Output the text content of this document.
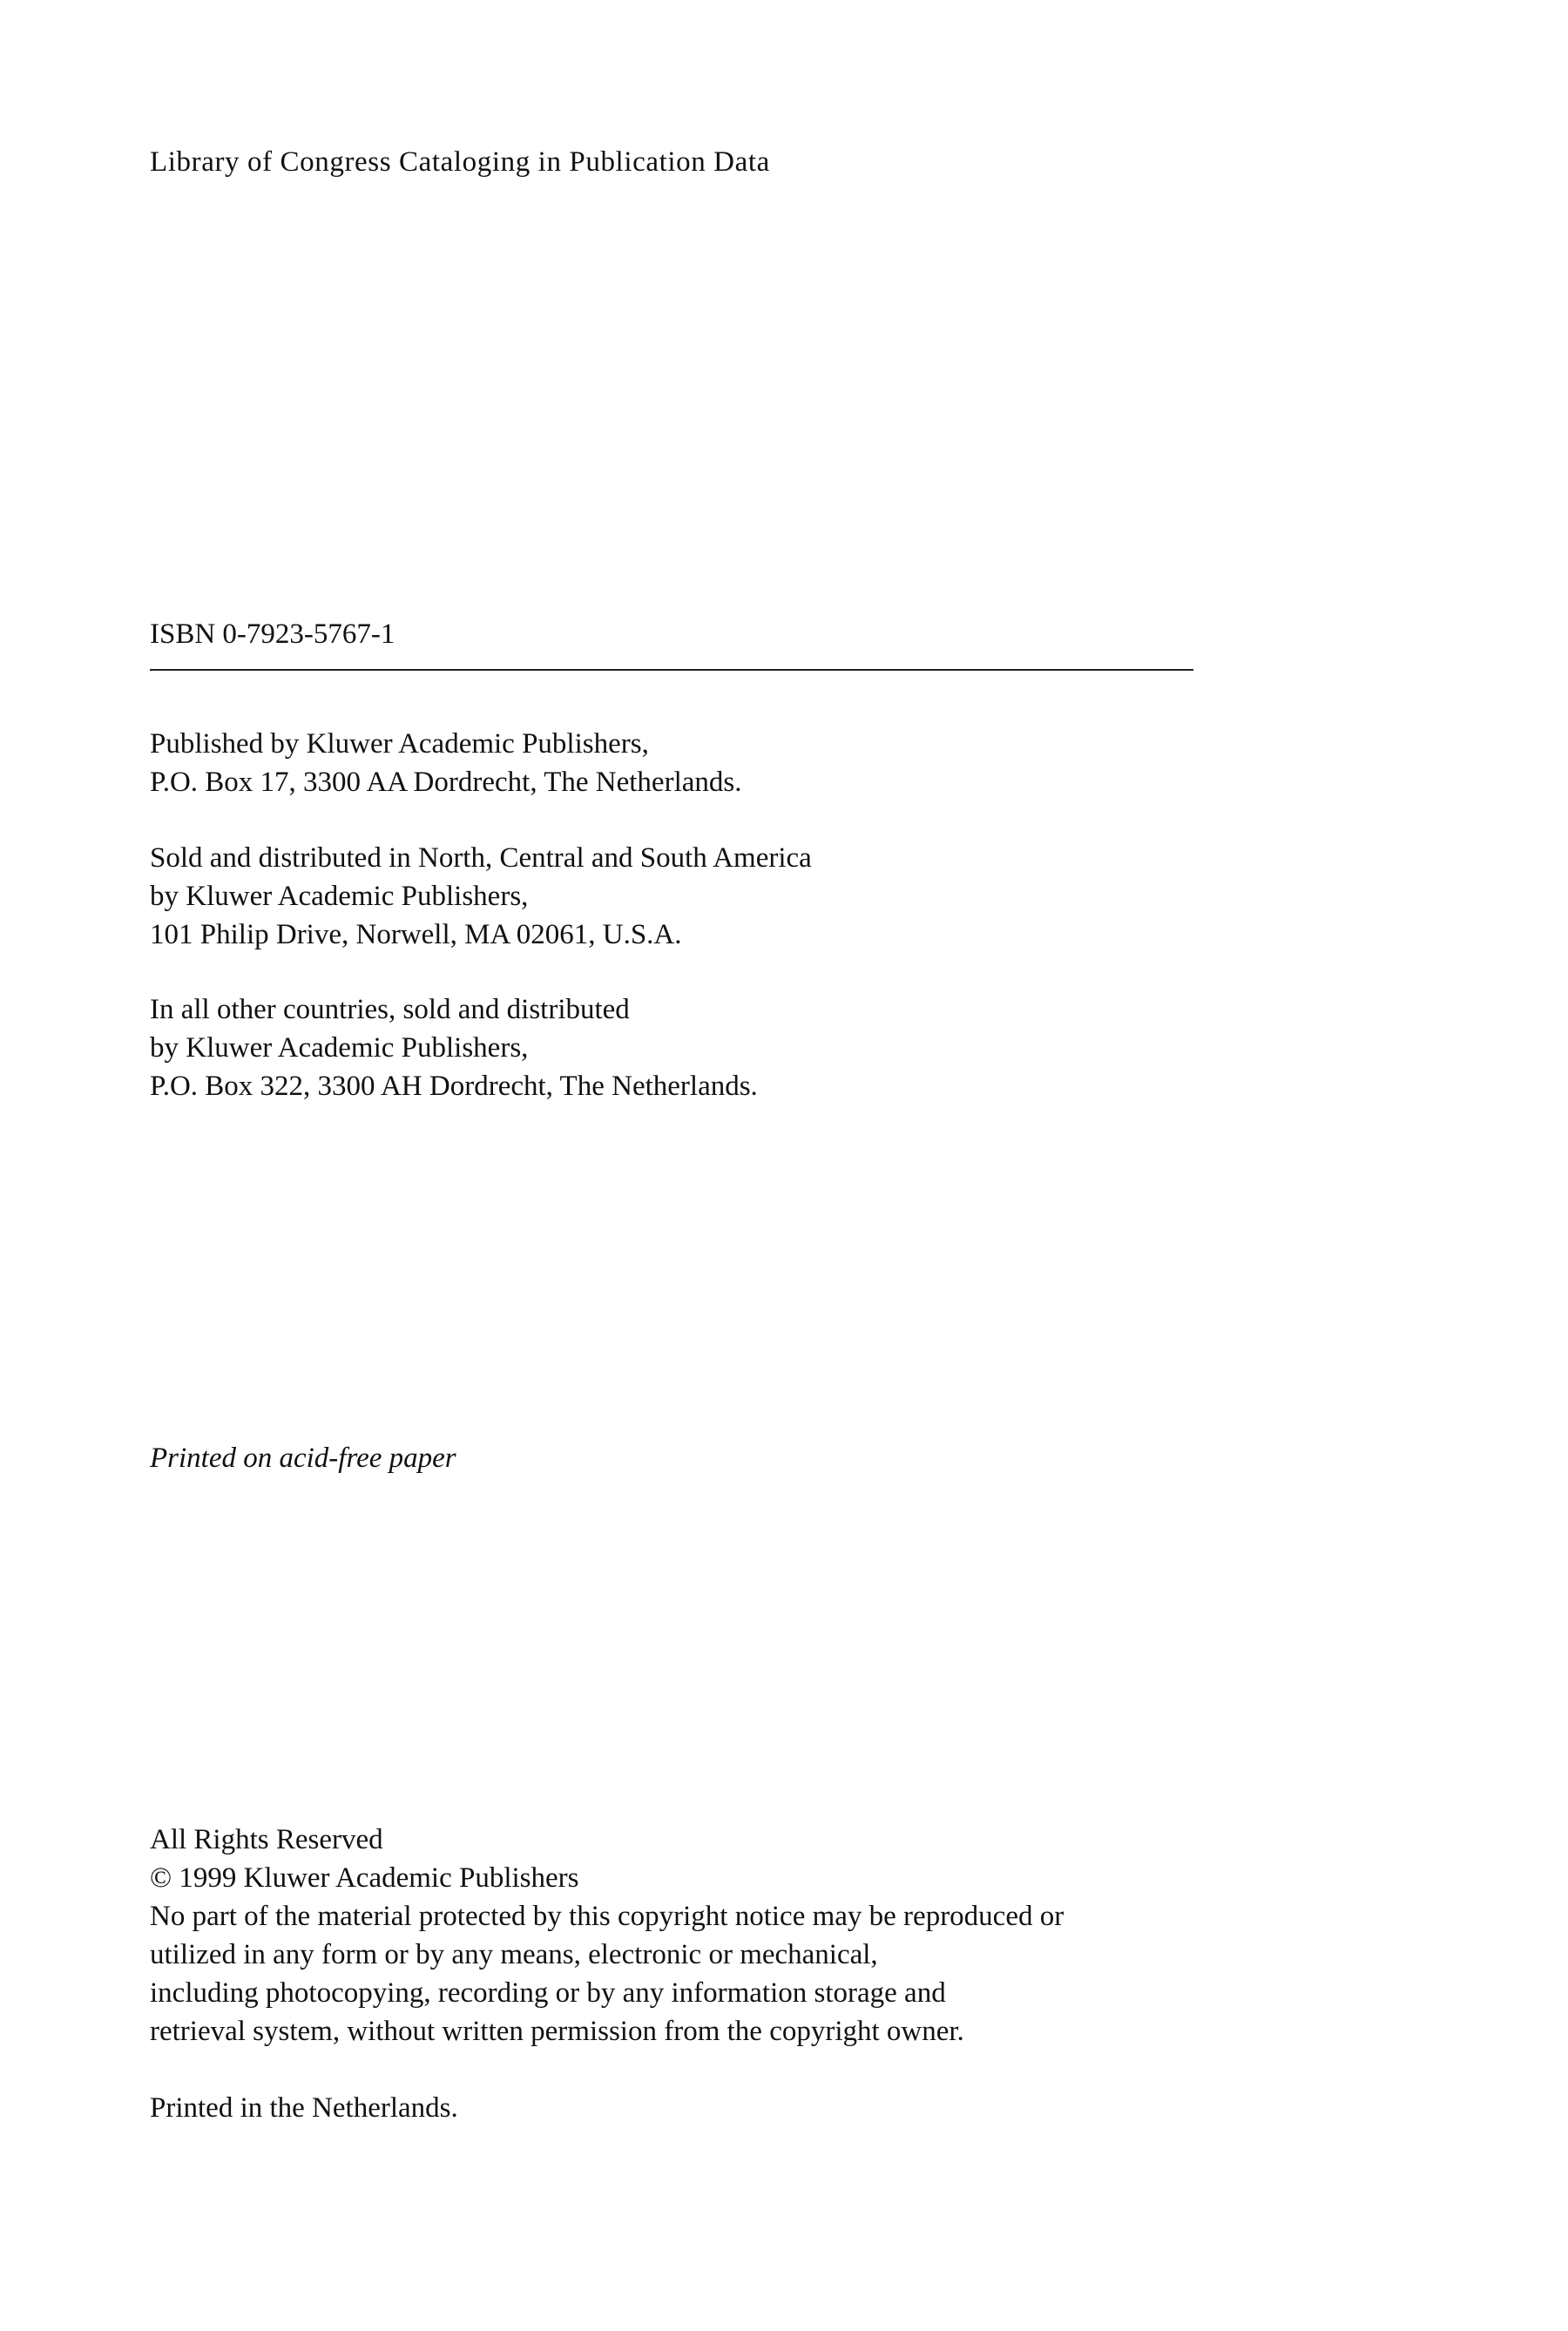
Library of Congress Cataloging in Publication Data

ISBN 0-7923-5767-1

Published by Kluwer Academic Publishers,
P.O. Box 17, 3300 AA Dordrecht, The Netherlands.
Sold and distributed in North, Central and South America
by Kluwer Academic Publishers,
101 Philip Drive, Norwell, MA 02061, U.S.A.
In all other countries, sold and distributed
by Kluwer Academic Publishers,
P.O. Box 322, 3300 AH Dordrecht, The Netherlands.

Printed on acid-free paper

All Rights Reserved
© 1999 Kluwer Academic Publishers
No part of the material protected by this copyright notice may be reproduced or
utilized in any form or by any means, electronic or mechanical,
including photocopying, recording or by any information storage and
retrieval system, without written permission from the copyright owner.

Printed in the Netherlands.
